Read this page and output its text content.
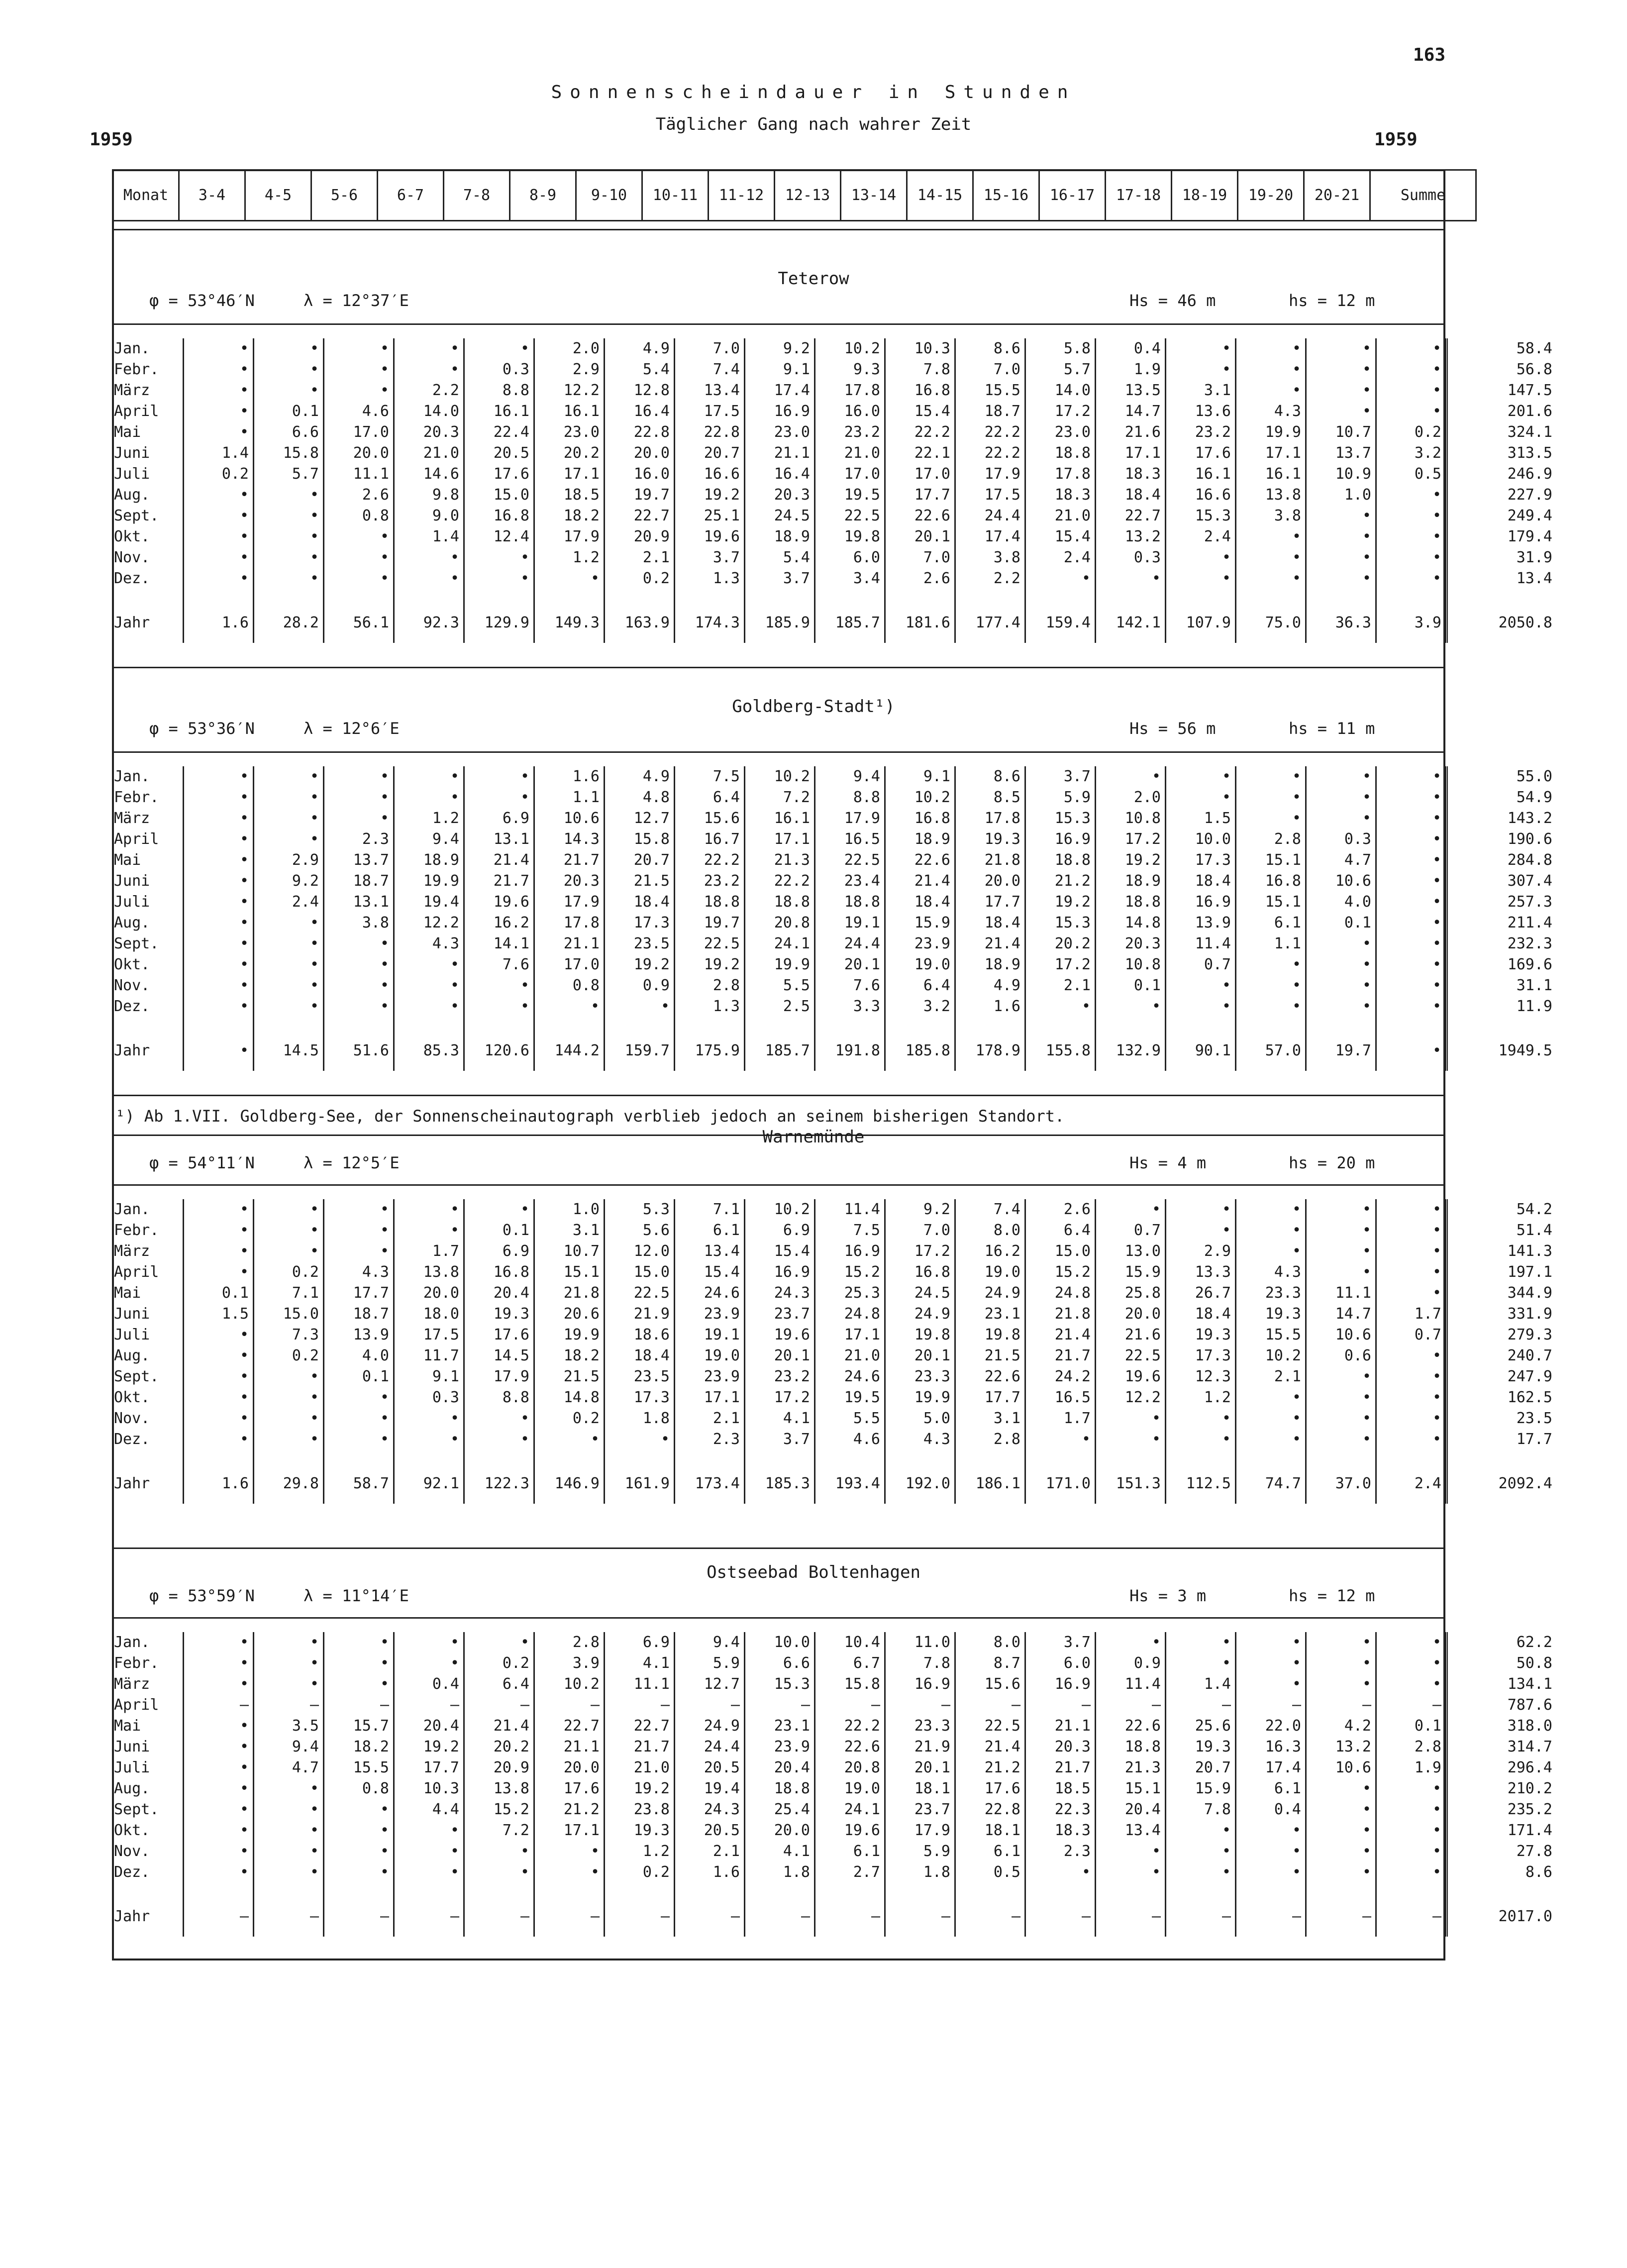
163
Sonnenscheindauer in Stunden
Täglicher Gang nach wahrer Zeit
1959	1959
Monat	3-4	4-5	5-6	6-7	7-8	8-9	9-10	10-11	11-12	12-13	13-14	14-15	15-16	16-17	17-18	18-19	19-20	20-21	Summe
Jan.	•	•	•	•	•	2.0	4.9	7.0	9.2	10.2	10.3	8.6	5.8	0.4	•	•	•	•	58.4
Febr.	•	•	•	•	0.3	2.9	5.4	7.4	9.1	9.3	7.8	7.0	5.7	1.9	•	•	•	•	56.8
März	•	•	•	2.2	8.8	12.2	12.8	13.4	17.4	17.8	16.8	15.5	14.0	13.5	3.1	•	•	•	147.5
April	•	0.1	4.6	14.0	16.1	16.1	16.4	17.5	16.9	16.0	15.4	18.7	17.2	14.7	13.6	4.3	•	•	201.6
Mai	•	6.6	17.0	20.3	22.4	23.0	22.8	22.8	23.0	23.2	22.2	22.2	23.0	21.6	23.2	19.9	10.7	0.2	324.1
Juni	1.4	15.8	20.0	21.0	20.5	20.2	20.0	20.7	21.1	21.0	22.1	22.2	18.8	17.1	17.6	17.1	13.7	3.2	313.5
Juli	0.2	5.7	11.1	14.6	17.6	17.1	16.0	16.6	16.4	17.0	17.0	17.9	17.8	18.3	16.1	16.1	10.9	0.5	246.9
Aug.	•	•	2.6	9.8	15.0	18.5	19.7	19.2	20.3	19.5	17.7	17.5	18.3	18.4	16.6	13.8	1.0	•	227.9
Sept.	•	•	0.8	9.0	16.8	18.2	22.7	25.1	24.5	22.5	22.6	24.4	21.0	22.7	15.3	3.8	•	•	249.4
Okt.	•	•	•	1.4	12.4	17.9	20.9	19.6	18.9	19.8	20.1	17.4	15.4	13.2	2.4	•	•	•	179.4
Nov.	•	•	•	•	•	1.2	2.1	3.7	5.4	6.0	7.0	3.8	2.4	0.3	•	•	•	•	31.9
Dez.	•	•	•	•	•	•	0.2	1.3	3.7	3.4	2.6	2.2	•	•	•	•	•	•	13.4

Jahr	1.6	28.2	56.1	92.3	129.9	149.3	163.9	174.3	185.9	185.7	181.6	177.4	159.4	142.1	107.9	75.0	36.3	3.9	2050.8
Jan.	•	•	•	•	•	1.6	4.9	7.5	10.2	9.4	9.1	8.6	3.7	•	•	•	•	•	55.0
Febr.	•	•	•	•	•	1.1	4.8	6.4	7.2	8.8	10.2	8.5	5.9	2.0	•	•	•	•	54.9
März	•	•	•	1.2	6.9	10.6	12.7	15.6	16.1	17.9	16.8	17.8	15.3	10.8	1.5	•	•	•	143.2
April	•	•	2.3	9.4	13.1	14.3	15.8	16.7	17.1	16.5	18.9	19.3	16.9	17.2	10.0	2.8	0.3	•	190.6
Mai	•	2.9	13.7	18.9	21.4	21.7	20.7	22.2	21.3	22.5	22.6	21.8	18.8	19.2	17.3	15.1	4.7	•	284.8
Juni	•	9.2	18.7	19.9	21.7	20.3	21.5	23.2	22.2	23.4	21.4	20.0	21.2	18.9	18.4	16.8	10.6	•	307.4
Juli	•	2.4	13.1	19.4	19.6	17.9	18.4	18.8	18.8	18.8	18.4	17.7	19.2	18.8	16.9	15.1	4.0	•	257.3
Aug.	•	•	3.8	12.2	16.2	17.8	17.3	19.7	20.8	19.1	15.9	18.4	15.3	14.8	13.9	6.1	0.1	•	211.4
Sept.	•	•	•	4.3	14.1	21.1	23.5	22.5	24.1	24.4	23.9	21.4	20.2	20.3	11.4	1.1	•	•	232.3
Okt.	•	•	•	•	7.6	17.0	19.2	19.2	19.9	20.1	19.0	18.9	17.2	10.8	0.7	•	•	•	169.6
Nov.	•	•	•	•	•	0.8	0.9	2.8	5.5	7.6	6.4	4.9	2.1	0.1	•	•	•	•	31.1
Dez.	•	•	•	•	•	•	•	1.3	2.5	3.3	3.2	1.6	•	•	•	•	•	•	11.9

Jahr	•	14.5	51.6	85.3	120.6	144.2	159.7	175.9	185.7	191.8	185.8	178.9	155.8	132.9	90.1	57.0	19.7	•	1949.5
Jan.	•	•	•	•	•	1.0	5.3	7.1	10.2	11.4	9.2	7.4	2.6	•	•	•	•	•	54.2
Febr.	•	•	•	•	0.1	3.1	5.6	6.1	6.9	7.5	7.0	8.0	6.4	0.7	•	•	•	•	51.4
März	•	•	•	1.7	6.9	10.7	12.0	13.4	15.4	16.9	17.2	16.2	15.0	13.0	2.9	•	•	•	141.3
April	•	0.2	4.3	13.8	16.8	15.1	15.0	15.4	16.9	15.2	16.8	19.0	15.2	15.9	13.3	4.3	•	•	197.1
Mai	0.1	7.1	17.7	20.0	20.4	21.8	22.5	24.6	24.3	25.3	24.5	24.9	24.8	25.8	26.7	23.3	11.1	•	344.9
Juni	1.5	15.0	18.7	18.0	19.3	20.6	21.9	23.9	23.7	24.8	24.9	23.1	21.8	20.0	18.4	19.3	14.7	1.7	331.9
Juli	•	7.3	13.9	17.5	17.6	19.9	18.6	19.1	19.6	17.1	19.8	19.8	21.4	21.6	19.3	15.5	10.6	0.7	279.3
Aug.	•	0.2	4.0	11.7	14.5	18.2	18.4	19.0	20.1	21.0	20.1	21.5	21.7	22.5	17.3	10.2	0.6	•	240.7
Sept.	•	•	0.1	9.1	17.9	21.5	23.5	23.9	23.2	24.6	23.3	22.6	24.2	19.6	12.3	2.1	•	•	247.9
Okt.	•	•	•	0.3	8.8	14.8	17.3	17.1	17.2	19.5	19.9	17.7	16.5	12.2	1.2	•	•	•	162.5
Nov.	•	•	•	•	•	0.2	1.8	2.1	4.1	5.5	5.0	3.1	1.7	•	•	•	•	•	23.5
Dez.	•	•	•	•	•	•	•	2.3	3.7	4.6	4.3	2.8	•	•	•	•	•	•	17.7

Jahr	1.6	29.8	58.7	92.1	122.3	146.9	161.9	173.4	185.3	193.4	192.0	186.1	171.0	151.3	112.5	74.7	37.0	2.4	2092.4
Jan.	•	•	•	•	•	2.8	6.9	9.4	10.0	10.4	11.0	8.0	3.7	•	•	•	•	•	62.2
Febr.	•	•	•	•	0.2	3.9	4.1	5.9	6.6	6.7	7.8	8.7	6.0	0.9	•	•	•	•	50.8
März	•	•	•	0.4	6.4	10.2	11.1	12.7	15.3	15.8	16.9	15.6	16.9	11.4	1.4	•	•	•	134.1
April	—	—	—	—	—	—	—	—	—	—	—	—	—	—	—	—	—	—	787.6
Mai	•	3.5	15.7	20.4	21.4	22.7	22.7	24.9	23.1	22.2	23.3	22.5	21.1	22.6	25.6	22.0	4.2	0.1	318.0
Juni	•	9.4	18.2	19.2	20.2	21.1	21.7	24.4	23.9	22.6	21.9	21.4	20.3	18.8	19.3	16.3	13.2	2.8	314.7
Juli	•	4.7	15.5	17.7	20.9	20.0	21.0	20.5	20.4	20.8	20.1	21.2	21.7	21.3	20.7	17.4	10.6	1.9	296.4
Aug.	•	•	0.8	10.3	13.8	17.6	19.2	19.4	18.8	19.0	18.1	17.6	18.5	15.1	15.9	6.1	•	•	210.2
Sept.	•	•	•	4.4	15.2	21.2	23.8	24.3	25.4	24.1	23.7	22.8	22.3	20.4	7.8	0.4	•	•	235.2
Okt.	•	•	•	•	7.2	17.1	19.3	20.5	20.0	19.6	17.9	18.1	18.3	13.4	•	•	•	•	171.4
Nov.	•	•	•	•	•	•	1.2	2.1	4.1	6.1	5.9	6.1	2.3	•	•	•	•	•	27.8
Dez.	•	•	•	•	•	•	0.2	1.6	1.8	2.7	1.8	0.5	•	•	•	•	•	•	8.6

Jahr	—	—	—	—	—	—	—	—	—	—	—	—	—	—	—	—	—	—	2017.0
¹) Ab 1.VII. Goldberg-See, der Sonnenscheinautograph verblieb jedoch an seinem bisherigen Standort.
Teterow
φ = 53°46′N	λ = 12°37′E	Hs = 46 m	hs = 12 m
Goldberg-Stadt¹)
φ = 53°36′N	λ = 12°6′E	Hs = 56 m	hs = 11 m
Warnemünde
φ = 54°11′N	λ = 12°5′E	Hs = 4 m	hs = 20 m
Ostseebad Boltenhagen
φ = 53°59′N	λ = 11°14′E	Hs = 3 m	hs = 12 m
